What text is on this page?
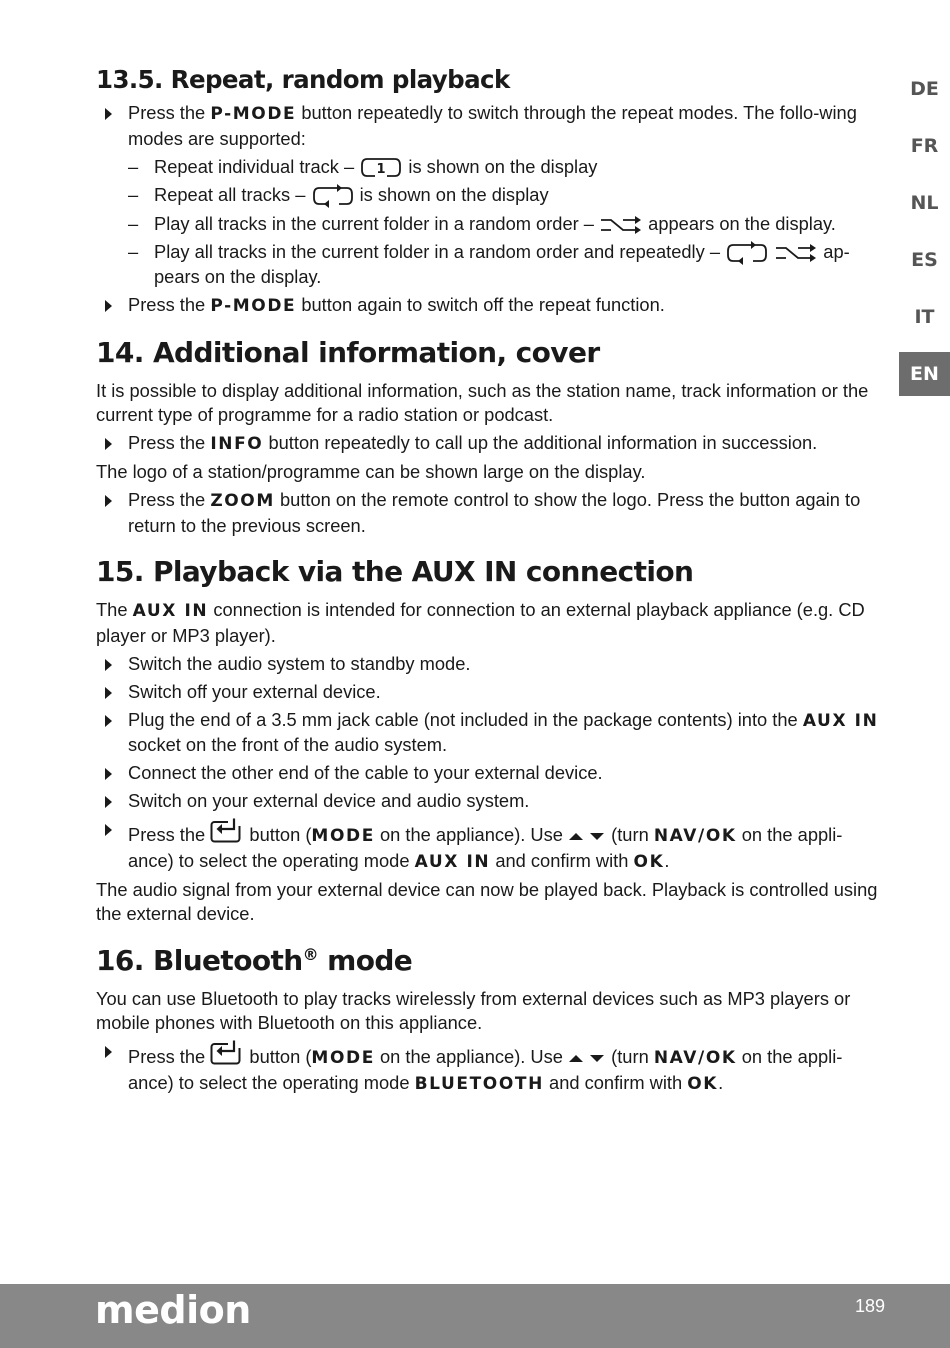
DE
FR
NL
ES
IT
EN
13.5. Repeat, random playback
Press the P-MODE button repeatedly to switch through the repeat modes. The follo-wing modes are supported:
– Repeat individual track – 1 is shown on the display
– Repeat all tracks –	is shown on the display
– Play all tracks in the current folder in a random order –	appears on the display.
– Play all tracks in the current folder in a random order and repeatedly –	ap-pears on the display.
Press the P-MODE button again to switch off the repeat function.
14. Additional information, cover
It is possible to display additional information, such as the station name, track information or the current type of programme for a radio station or podcast.
Press the INFO button repeatedly to call up the additional information in succession.
The logo of a station/programme can be shown large on the display.
Press the ZOOM button on the remote control to show the logo. Press the button again to return to the previous screen.
15. Playback via the AUX IN connection
The AUX IN connection is intended for connection to an external playback appliance (e.g. CD player or MP3 player).
Switch the audio system to standby mode.
Switch off your external device.
Plug the end of a 3.5 mm jack cable (not included in the package contents) into the AUX IN socket on the front of the audio system.
Connect the other end of the cable to your external device.
Switch on your external device and audio system.
Press the button (MODE on the appliance). Use	(turn NAV/OK on the appli-ance) to select the operating mode AUX IN and confirm with OK.
The audio signal from your external device can now be played back. Playback is controlled using the external device.
16. Bluetooth® mode
You can use Bluetooth to play tracks wirelessly from external devices such as MP3 players or mobile phones with Bluetooth on this appliance.
Press the button (MODE on the appliance). Use	(turn NAV/OK on the appli-ance) to select the operating mode BLUETOOTH and confirm with OK.
medion	189
